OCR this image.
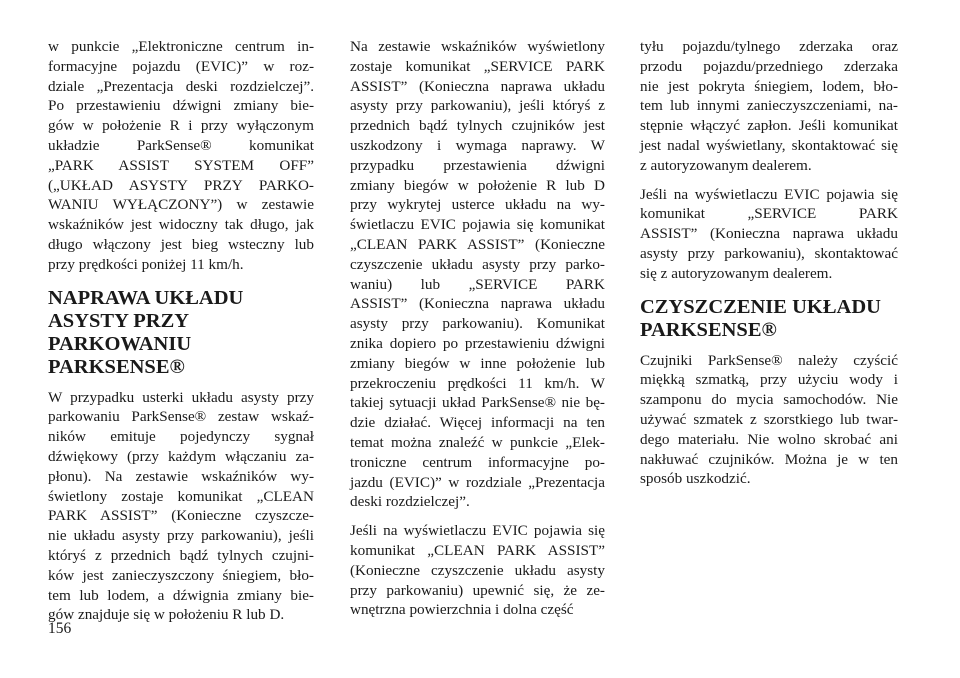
w punkcie „Elektroniczne centrum in-
formacyjne pojazdu (EVIC)” w roz-
dziale „Prezentacja deski rozdzielczej”.
Po przestawieniu dźwigni zmiany bie-
gów w położenie R i przy wyłączonym
układzie ParkSense® komunikat
„PARK ASSIST SYSTEM OFF”
(„UKŁAD ASYSTY PRZY PARKO-
WANIU WYŁĄCZONY”) w zestawie
wskaźników jest widoczny tak długo, jak
długo włączony jest bieg wsteczny lub
przy prędkości poniżej 11 km/h.
NAPRAWA UKŁADU
ASYSTY PRZY
PARKOWANIU
PARKSENSE®
W przypadku usterki układu asysty przy
parkowaniu ParkSense® zestaw wskaź-
ników emituje pojedynczy sygnał
dźwiękowy (przy każdym włączaniu za-
płonu). Na zestawie wskaźników wy-
świetlony zostaje komunikat „CLEAN
PARK ASSIST” (Konieczne czyszcze-
nie układu asysty przy parkowaniu), jeśli
któryś z przednich bądź tylnych czujni-
ków jest zanieczyszczony śniegiem, bło-
tem lub lodem, a dźwignia zmiany bie-
gów znajduje się w położeniu R lub D.
Na zestawie wskaźników wyświetlony
zostaje komunikat „SERVICE PARK
ASSIST” (Konieczna naprawa układu
asysty przy parkowaniu), jeśli któryś z
przednich bądź tylnych czujników jest
uszkodzony i wymaga naprawy. W
przypadku przestawienia dźwigni
zmiany biegów w położenie R lub D
przy wykrytej usterce układu na wy-
świetlaczu EVIC pojawia się komunikat
„CLEAN PARK ASSIST” (Konieczne
czyszczenie układu asysty przy parko-
waniu) lub „SERVICE PARK
ASSIST” (Konieczna naprawa układu
asysty przy parkowaniu). Komunikat
znika dopiero po przestawieniu dźwigni
zmiany biegów w inne położenie lub
przekroczeniu prędkości 11 km/h. W
takiej sytuacji układ ParkSense® nie bę-
dzie działać. Więcej informacji na ten
temat można znaleźć w punkcie „Elek-
troniczne centrum informacyjne po-
jazdu (EVIC)” w rozdziale „Prezentacja
deski rozdzielczej”.
Jeśli na wyświetlaczu EVIC pojawia się
komunikat „CLEAN PARK ASSIST”
(Konieczne czyszczenie układu asysty
przy parkowaniu) upewnić się, że ze-
wnętrzna powierzchnia i dolna część
tyłu pojazdu/tylnego zderzaka oraz
przodu pojazdu/przedniego zderzaka
nie jest pokryta śniegiem, lodem, bło-
tem lub innymi zanieczyszczeniami, na-
stępnie włączyć zapłon. Jeśli komunikat
jest nadal wyświetlany, skontaktować się
z autoryzowanym dealerem.
Jeśli na wyświetlaczu EVIC pojawia się
komunikat „SERVICE PARK
ASSIST” (Konieczna naprawa układu
asysty przy parkowaniu), skontaktować
się z autoryzowanym dealerem.
CZYSZCZENIE UKŁADU
PARKSENSE®
Czujniki ParkSense® należy czyścić
miękką szmatką, przy użyciu wody i
szamponu do mycia samochodów. Nie
używać szmatek z szorstkiego lub twar-
dego materiału. Nie wolno skrobać ani
nakłuwać czujników. Można je w ten
sposób uszkodzić.
156
